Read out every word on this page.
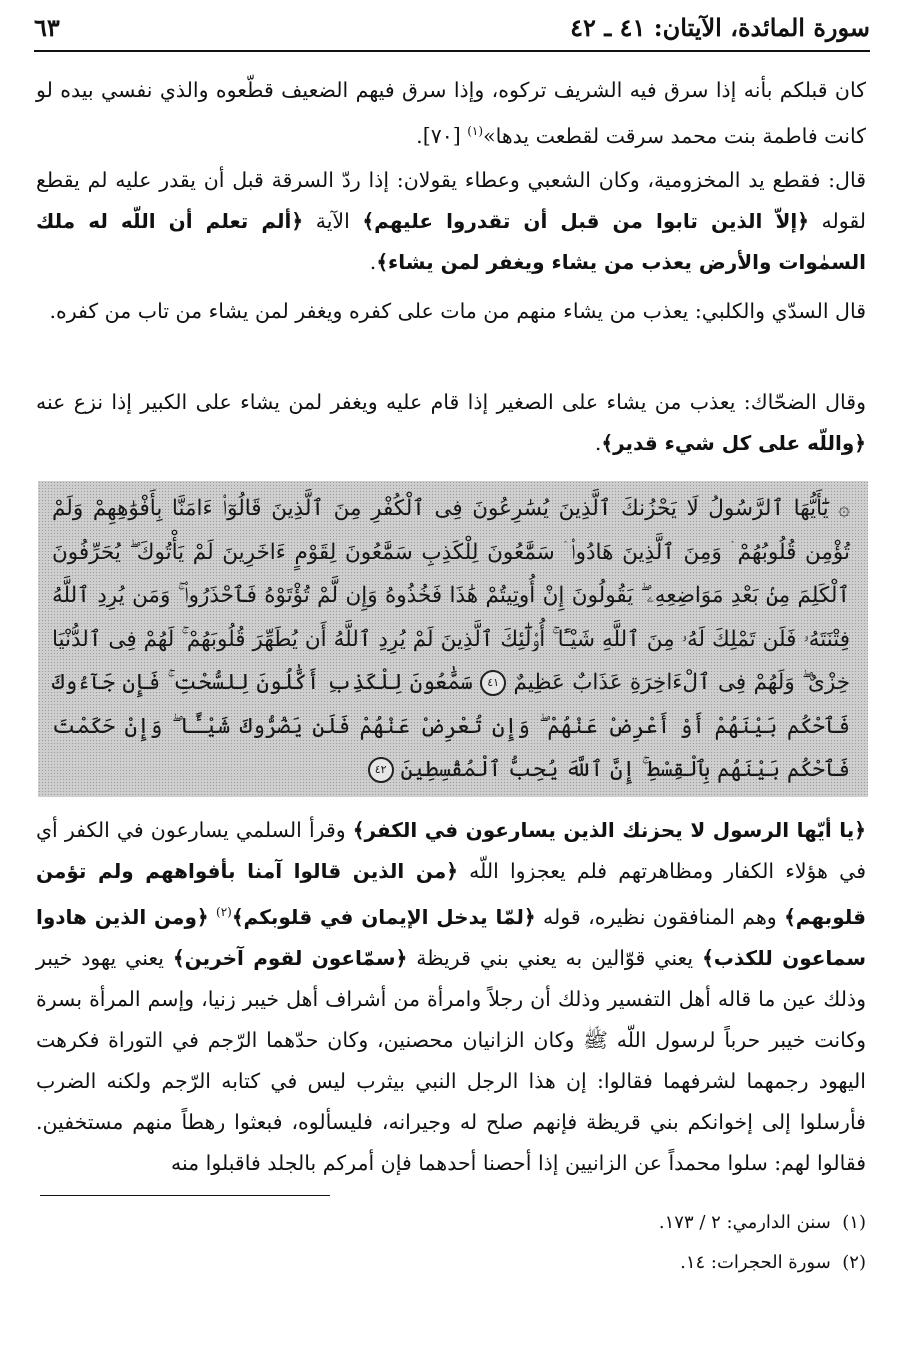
سورة المائدة، الآيتان: ٤١ ـ ٤٢
٦٣
كان قبلكم بأنه إذا سرق فيه الشريف تركوه، وإذا سرق فيهم الضعيف قطّعوه والذي نفسي بيده لو كانت فاطمة بنت محمد سرقت لقطعت يدها»$^{(١)}$ [٧٠].
قال: فقطع يد المخزومية، وكان الشعبي وعطاء يقولان: إذا ردّ السرقة قبل أن يقدر عليه لم يقطع لقوله ﴿إلاّ الذين تابوا من قبل أن تقدروا عليهم﴾ الآية ﴿ألم تعلم أن اللّه له ملك السمٰوات والأرض يعذب من يشاء ويغفر لمن يشاء﴾.
قال السدّي والكلبي: يعذب من يشاء منهم من مات على كفره ويغفر لمن يشاء من تاب من كفره.
وقال الضحّاك: يعذب من يشاء على الصغير إذا قام عليه ويغفر لمن يشاء على الكبير إذا نزع عنه ﴿واللّه على كل شيء قدير﴾.
۞ يَٰٓأَيُّهَا ٱلرَّسُولُ لَا يَحْزُنكَ ٱلَّذِينَ يُسَٰرِعُونَ فِى ٱلْكُفْرِ مِنَ ٱلَّذِينَ قَالُوٓا۟ ءَامَنَّا بِأَفْوَٰهِهِمْ وَلَمْ تُؤْمِن قُلُوبُهُمْ ۛ وَمِنَ ٱلَّذِينَ هَادُوا۟ ۛ سَمَّٰعُونَ لِلْكَذِبِ سَمَّٰعُونَ لِقَوْمٍ ءَاخَرِينَ لَمْ يَأْتُوكَ ۖ يُحَرِّفُونَ ٱلْكَلِمَ مِنۢ بَعْدِ مَوَاضِعِهِۦ ۖ يَقُولُونَ إِنْ أُوتِيتُمْ هَٰذَا فَخُذُوهُ وَإِن لَّمْ تُؤْتَوْهُ فَٱحْذَرُوا۟ ۚ وَمَن يُرِدِ ٱللَّهُ فِتْنَتَهُۥ فَلَن تَمْلِكَ لَهُۥ مِنَ ٱللَّهِ شَيْـًٔا ۚ أُو۟لَٰٓئِكَ ٱلَّذِينَ لَمْ يُرِدِ ٱللَّهُ أَن يُطَهِّرَ قُلُوبَهُمْ ۚ لَهُمْ فِى ٱلدُّنْيَا خِزْىٌ ۖ وَلَهُمْ فِى ٱلْءَاخِرَةِ عَذَابٌ عَظِيمٌ ٤١ سَمَّٰعُونَ لِلْكَذِبِ أَكَّٰلُونَ لِلسُّحْتِ ۚ فَإِن جَآءُوكَ فَٱحْكُم بَيْنَهُمْ أَوْ أَعْرِضْ عَنْهُمْ ۖ وَإِن تُعْرِضْ عَنْهُمْ فَلَن يَضُرُّوكَ شَيْـًٔا ۖ وَإِنْ حَكَمْتَ فَٱحْكُم بَيْنَهُم بِٱلْقِسْطِ ۚ إِنَّ ٱللَّهَ يُحِبُّ ٱلْمُقْسِطِينَ ٤٢
﴿يا أيّها الرسول لا يحزنك الذين يسارعون في الكفر﴾ وقرأ السلمي يسارعون في الكفر أي في هؤلاء الكفار ومظاهرتهم فلم يعجزوا اللّه ﴿من الذين قالوا آمنا بأفواههم ولم تؤمن قلوبهم﴾ وهم المنافقون نظيره، قوله ﴿لمّا يدخل الإيمان في قلوبكم﴾$^{(٢)}$ ﴿ومن الذين هادوا سماعون للكذب﴾ يعني قوّالين به يعني بني قريظة ﴿سمّاعون لقوم آخرين﴾ يعني يهود خيبر وذلك عين ما قاله أهل التفسير وذلك أن رجلاً وامرأة من أشراف أهل خيبر زنيا، وإسم المرأة بسرة وكانت خيبر حرباً لرسول اللّه ﷺ وكان الزانيان محصنين، وكان حدّهما الرّجم في التوراة فكرهت اليهود رجمهما لشرفهما فقالوا: إن هذا الرجل النبي بيثرب ليس في كتابه الرّجم ولكنه الضرب فأرسلوا إلى إخوانكم بني قريظة فإنهم صلح له وجيرانه، فليسألوه، فبعثوا رهطاً منهم مستخفين. فقالوا لهم: سلوا محمداً عن الزانيين إذا أحصنا أحدهما فإن أمركم بالجلد فاقبلوا منه
(١)  سنن الدارمي: ٢ / ١٧٣.
(٢)  سورة الحجرات: ١٤.
